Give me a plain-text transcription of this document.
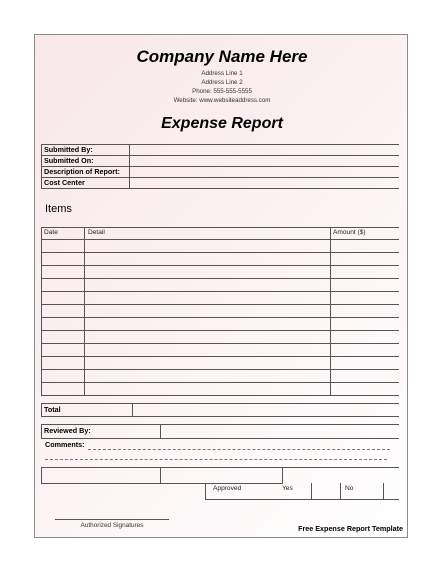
Company Name Here
Address Line 1
Address Line 2
Phone: 555-555-5555
Website: www.websiteaddress.com
Expense Report
Submitted By:
Submitted On:
Description of Report:
Cost Center
Items
Date	Detail	Amount ($)
Total
Reviewed By:
Comments:
Approved	Yes	No
Authorized Signatures	Free Expense Report Template
